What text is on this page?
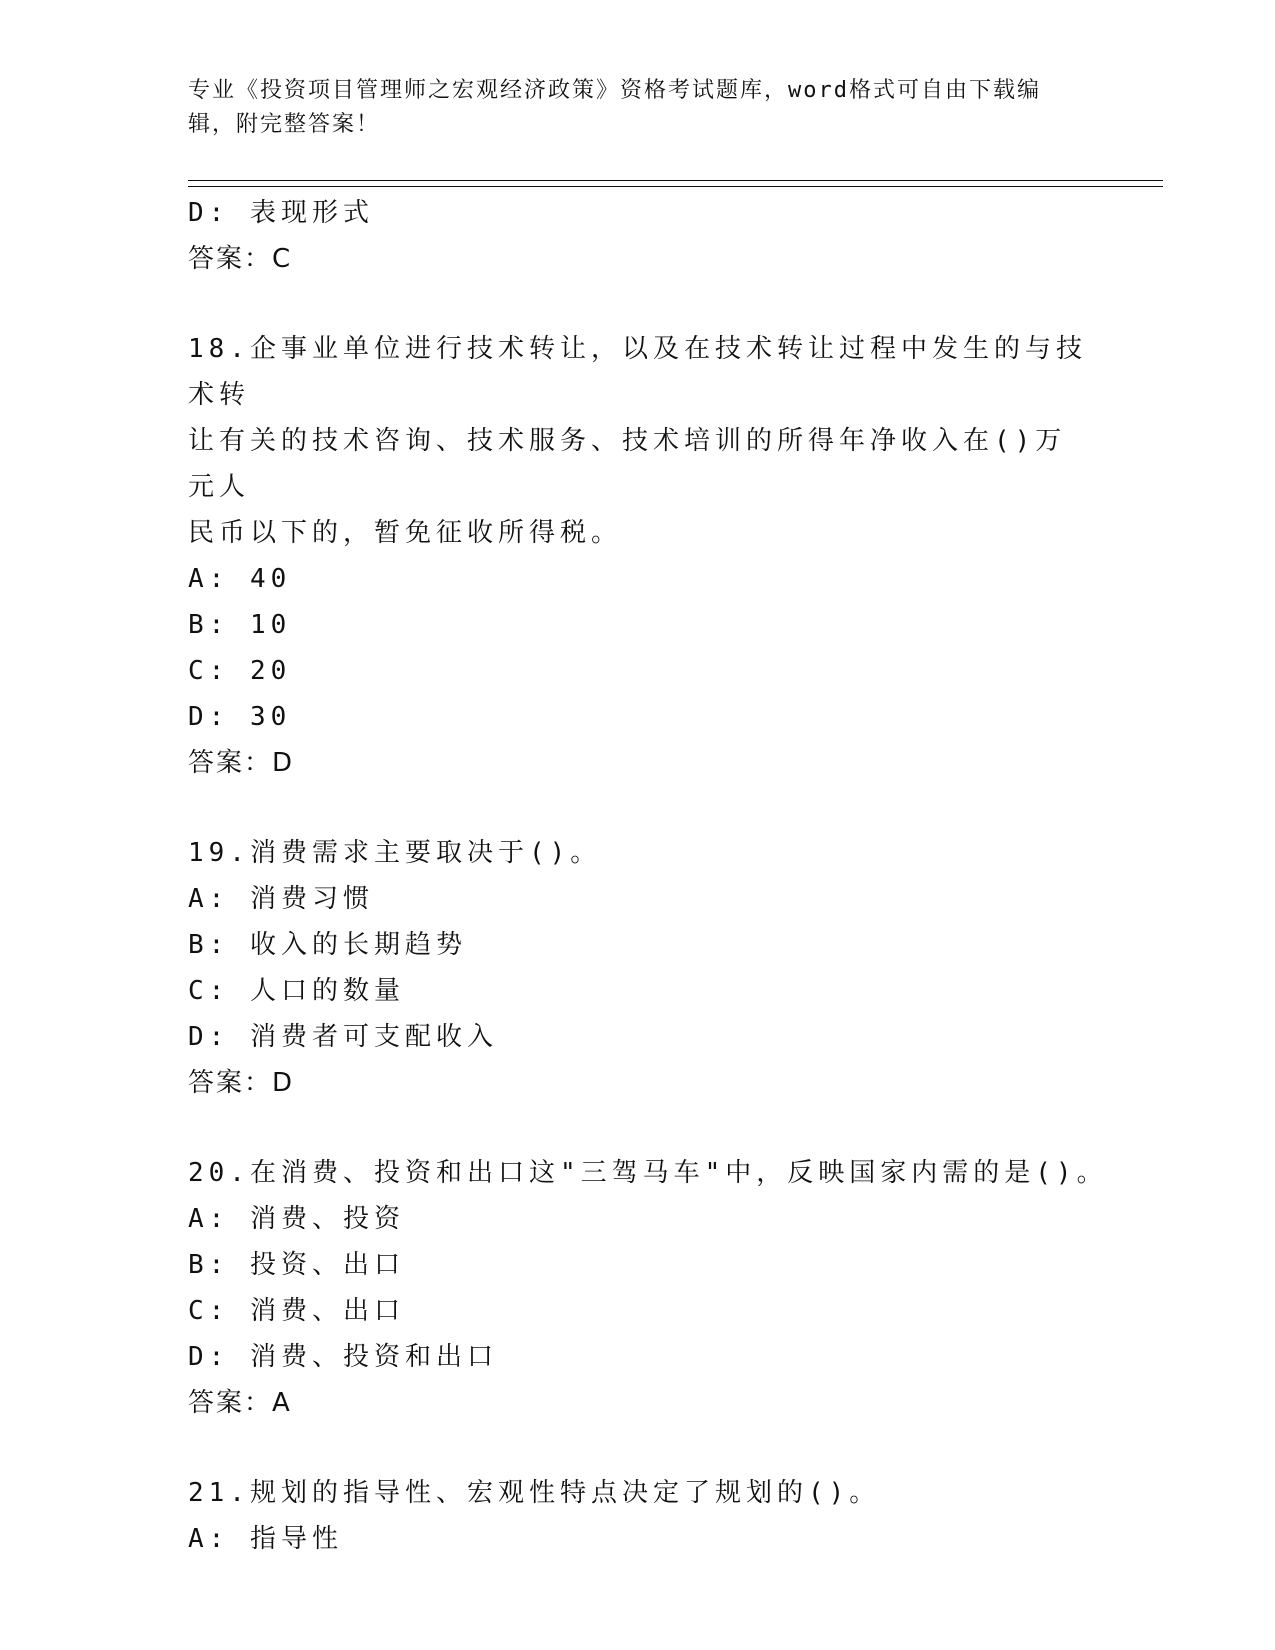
专业《投资项目管理师之宏观经济政策》资格考试题库，word格式可自由下载编
辑，附完整答案！
D: 表现形式
答案：C
18.企事业单位进行技术转让，以及在技术转让过程中发生的与技术转
让有关的技术咨询、技术服务、技术培训的所得年净收入在()万元人
民币以下的，暂免征收所得税。
A: 40
B: 10
C: 20
D: 30
答案：D
19.消费需求主要取决于()。
A: 消费习惯
B: 收入的长期趋势
C: 人口的数量
D: 消费者可支配收入
答案：D
20.在消费、投资和出口这"三驾马车"中，反映国家内需的是()。
A: 消费、投资
B: 投资、出口
C: 消费、出口
D: 消费、投资和出口
答案：A
21.规划的指导性、宏观性特点决定了规划的()。
A: 指导性
